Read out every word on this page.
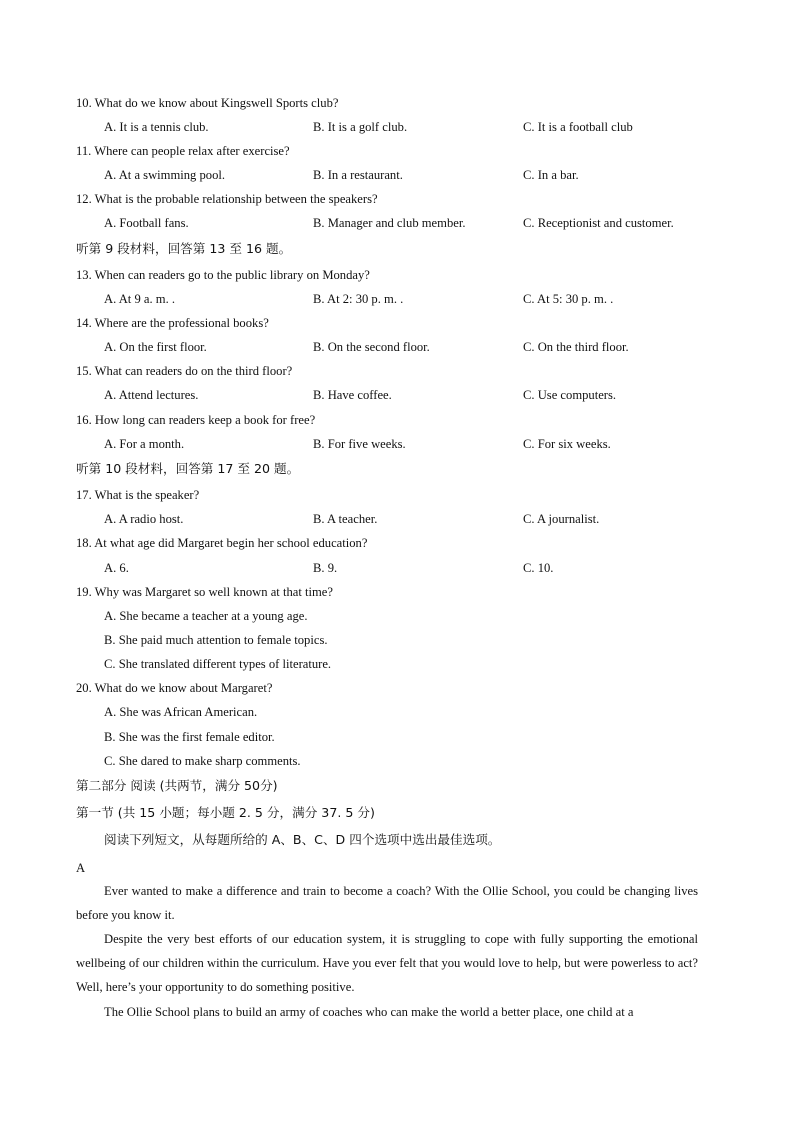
10. What do we know about Kingswell Sports club?
A. It is a tennis club.	B. It is a golf club.	C. It is a football club
11. Where can people relax after exercise?
A. At a swimming pool.	B. In a restaurant.	C. In a bar.
12. What is the probable relationship between the speakers?
A. Football fans.	B. Manager and club member.	C. Receptionist and customer.
听第 9 段材料，回答第 13 至 16 题。
13. When can readers go to the public library on Monday?
A. At 9 a. m. .	B. At 2: 30 p. m. .	C. At 5: 30 p. m. .
14. Where are the professional books?
A. On the first floor.	B. On the second floor.	C. On the third floor.
15. What can readers do on the third floor?
A. Attend lectures.	B. Have coffee.	C. Use computers.
16. How long can readers keep a book for free?
A. For a month.	B. For five weeks.	C. For six weeks.
听第 10 段材料，回答第 17 至 20 题。
17. What is the speaker?
A. A radio host.	B. A teacher.	C. A journalist.
18. At what age did Margaret begin her school education?
A. 6.	B. 9.	C. 10.
19. Why was Margaret so well known at that time?
A. She became a teacher at a young age.
B. She paid much attention to female topics.
C. She translated different types of literature.
20. What do we know about Margaret?
A. She was African American.
B. She was the first female editor.
C. She dared to make sharp comments.
第二部分 阅读 (共两节，满分 50分)
第一节 (共 15 小题；每小题 2. 5 分，满分 37. 5 分)
阅读下列短文，从每题所给的 A、B、C、D 四个选项中选出最佳选项。
A
Ever wanted to make a difference and train to become a coach? With the Ollie School, you could be changing lives before you know it.
Despite the very best efforts of our education system, it is struggling to cope with fully supporting the emotional wellbeing of our children within the curriculum. Have you ever felt that you would love to help, but were powerless to act? Well, here’s your opportunity to do something positive.
The Ollie School plans to build an army of coaches who can make the world a better place, one child at a
